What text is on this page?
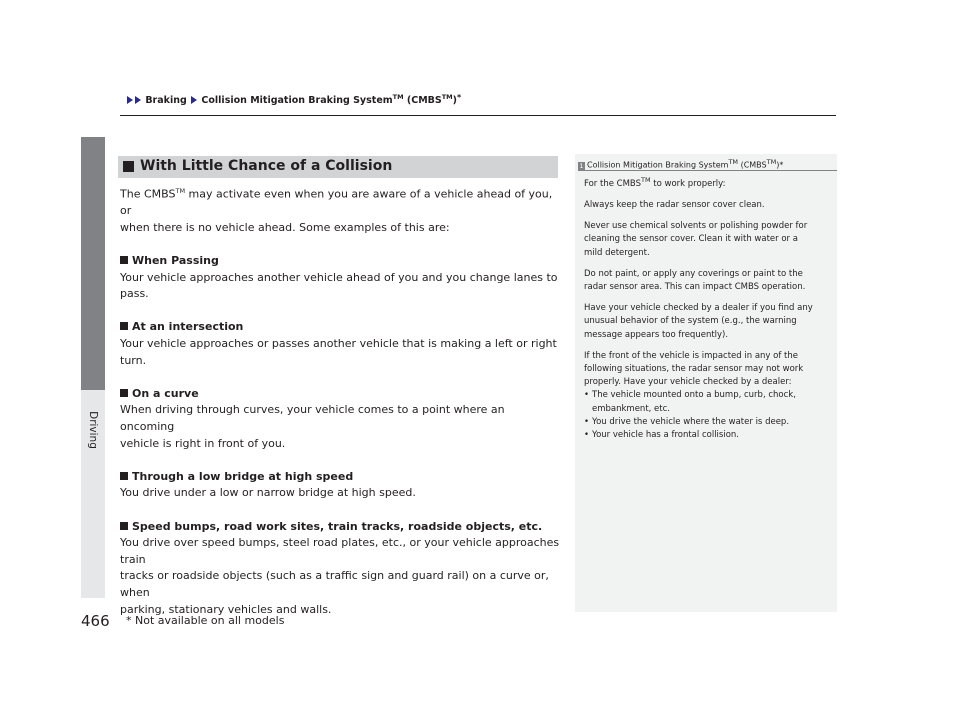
Braking Collision Mitigation Braking System™ (CMBS™)*
Driving
With Little Chance of a Collision

The CMBS™ may activate even when you are aware of a vehicle ahead of you, or

when there is no vehicle ahead. Some examples of this are:

When Passing

Your vehicle approaches another vehicle ahead of you and you change lanes to pass.

At an intersection

Your vehicle approaches or passes another vehicle that is making a left or right turn.

On a curve

When driving through curves, your vehicle comes to a point where an oncoming

vehicle is right in front of you.

Through a low bridge at high speed

You drive under a low or narrow bridge at high speed.

Speed bumps, road work sites, train tracks, roadside objects, etc.

You drive over speed bumps, steel road plates, etc., or your vehicle approaches train

tracks or roadside objects (such as a traffic sign and guard rail) on a curve or, when

parking, stationary vehicles and walls.

1 Collision Mitigation Braking System™ (CMBS™)*

For the CMBS™ to work properly:

Always keep the radar sensor cover clean.

Never use chemical solvents or polishing powder for

cleaning the sensor cover. Clean it with water or a

mild detergent.

Do not paint, or apply any coverings or paint to the

radar sensor area. This can impact CMBS operation.

Have your vehicle checked by a dealer if you find any

unusual behavior of the system (e.g., the warning

message appears too frequently).

If the front of the vehicle is impacted in any of the

following situations, the radar sensor may not work

properly. Have your vehicle checked by a dealer:

• The vehicle mounted onto a bump, curb, chock,

embankment, etc.

• You drive the vehicle where the water is deep.

• Your vehicle has a frontal collision.

466 * Not available on all models
